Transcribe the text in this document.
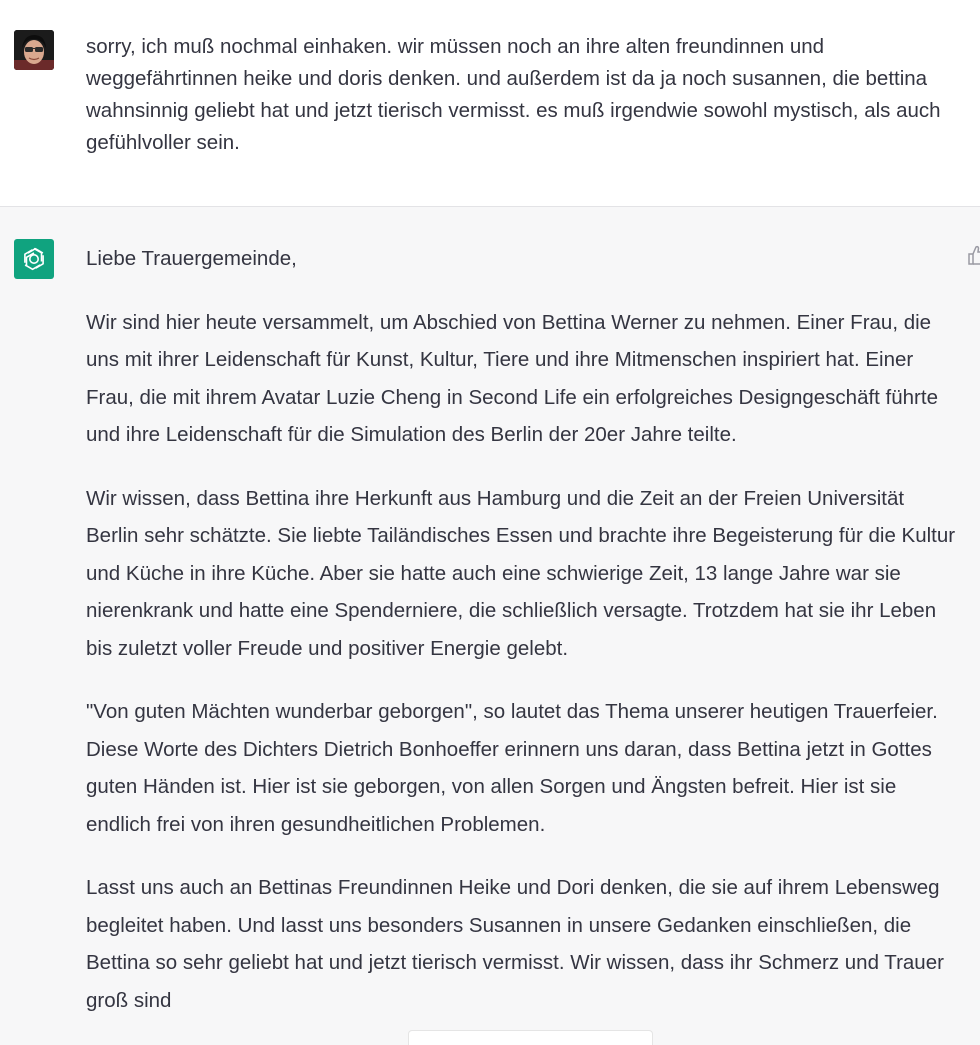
sorry, ich muß nochmal einhaken. wir müssen noch an ihre alten freundinnen und weggefährtinnen heike und doris denken. und außerdem ist da ja noch susannen, die bettina wahnsinnig geliebt hat und jetzt tierisch vermisst. es muß irgendwie sowohl mystisch, als auch gefühlvoller sein.

Liebe Trauergemeinde,

Wir sind hier heute versammelt, um Abschied von Bettina Werner zu nehmen. Einer Frau, die uns mit ihrer Leidenschaft für Kunst, Kultur, Tiere und ihre Mitmenschen inspiriert hat. Einer Frau, die mit ihrem Avatar Luzie Cheng in Second Life ein erfolgreiches Designgeschäft führte und ihre Leidenschaft für die Simulation des Berlin der 20er Jahre teilte.

Wir wissen, dass Bettina ihre Herkunft aus Hamburg und die Zeit an der Freien Universität Berlin sehr schätzte. Sie liebte Tailändisches Essen und brachte ihre Begeisterung für die Kultur und Küche in ihre Küche. Aber sie hatte auch eine schwierige Zeit, 13 lange Jahre war sie nierenkrank und hatte eine Spenderniere, die schließlich versagte. Trotzdem hat sie ihr Leben bis zuletzt voller Freude und positiver Energie gelebt.

"Von guten Mächten wunderbar geborgen", so lautet das Thema unserer heutigen Trauerfeier. Diese Worte des Dichters Dietrich Bonhoeffer erinnern uns daran, dass Bettina jetzt in Gottes guten Händen ist. Hier ist sie geborgen, von allen Sorgen und Ängsten befreit. Hier ist sie endlich frei von ihren gesundheitlichen Problemen.

Lasst uns auch an Bettinas Freundinnen Heike und Dori denken, die sie auf ihrem Lebensweg begleitet haben. Und lasst uns besonders Susannen in unsere Gedanken einschließen, die Bettina so sehr geliebt hat und jetzt tierisch vermisst. Wir wissen, dass ihr Schmerz und Trauer groß sind
